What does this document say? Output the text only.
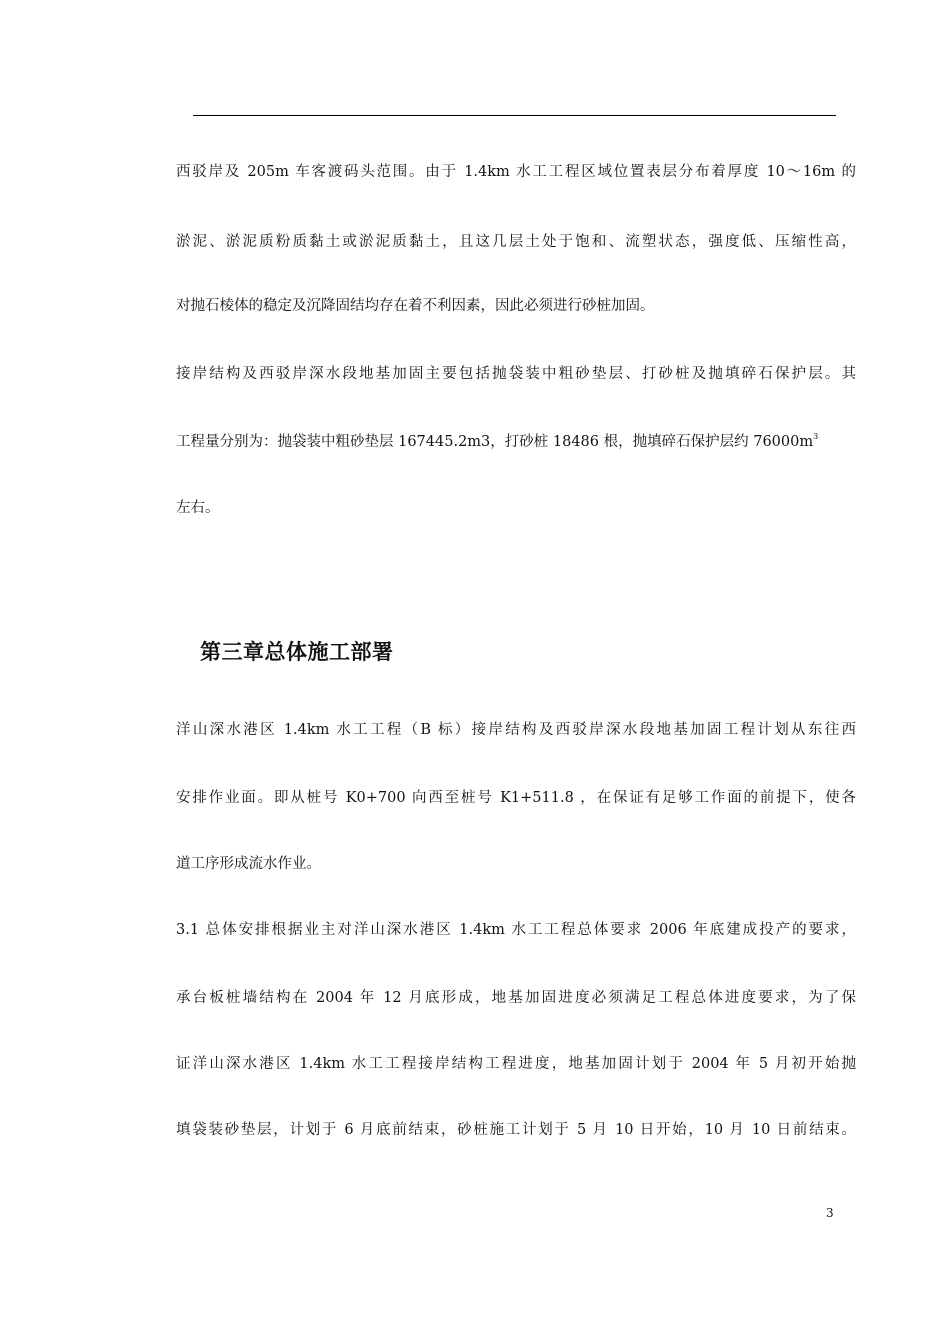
西驳岸及 205m 车客渡码头范围。由于 1.4km 水工工程区域位置表层分布着厚度 10～16m 的
淤泥、淤泥质粉质黏土或淤泥质黏土，且这几层土处于饱和、流塑状态，强度低、压缩性高，
对抛石棱体的稳定及沉降固结均存在着不利因素，因此必须进行砂桩加固。
接岸结构及西驳岸深水段地基加固主要包括抛袋装中粗砂垫层、打砂桩及抛填碎石保护层。其
工程量分别为：抛袋装中粗砂垫层 167445.2m3，打砂桩 18486 根，抛填碎石保护层约 $76000m^3$
左右。
第三章总体施工部署
洋山深水港区 1.4km 水工工程（B 标）接岸结构及西驳岸深水段地基加固工程计划从东往西
安排作业面。即从桩号 K0+700 向西至桩号 K1+511.8 ，在保证有足够工作面的前提下，使各
道工序形成流水作业。
3.1 总体安排根据业主对洋山深水港区 1.4km 水工工程总体要求 2006 年底建成投产的要求，
承台板桩墙结构在 2004 年 12 月底形成，地基加固进度必须满足工程总体进度要求，为了保
证洋山深水港区 1.4km 水工工程接岸结构工程进度，地基加固计划于 2004 年 5 月初开始抛
填袋装砂垫层，计划于 6 月底前结束，砂桩施工计划于 5 月 10 日开始，10 月 10 日前结束。
3
